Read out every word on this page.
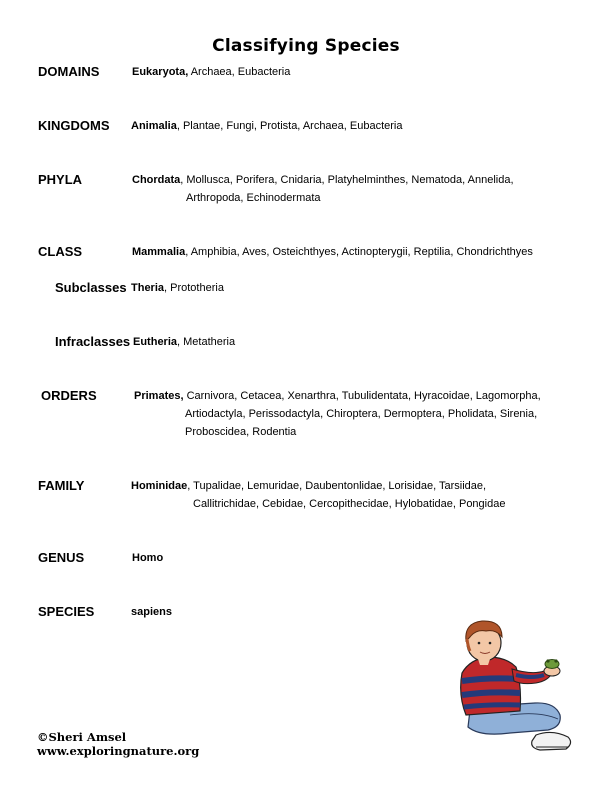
Classifying Species
DOMAINS	Eukaryota, Archaea, Eubacteria
KINGDOMS Animalia, Plantae, Fungi, Protista, Archaea, Eubacteria
PHYLA	Chordata, Mollusca, Porifera, Cnidaria, Platyhelminthes, Nematoda, Annelida,
Arthropoda, Echinodermata
CLASS	Mammalia, Amphibia, Aves, Osteichthyes, Actinopterygii, Reptilia, Chondrichthyes
Subclasses Theria, Prototheria
Infraclasses Eutheria, Metatheria
ORDERS	Primates, Carnivora, Cetacea, Xenarthra, Tubulidentata, Hyracoidae, Lagomorpha,
Artiodactyla, Perissodactyla, Chiroptera, Dermoptera, Pholidata, Sirenia,
Proboscidea, Rodentia
FAMILY	Hominidae, Tupalidae, Lemuridae, Daubentonlidae, Lorisidae, Tarsiidae,
Callitrichidae, Cebidae, Cercopithecidae, Hylobatidae, Pongidae
GENUS	Homo
SPECIES	sapiens
©Sheri Amsel
www.exploringnature.org
